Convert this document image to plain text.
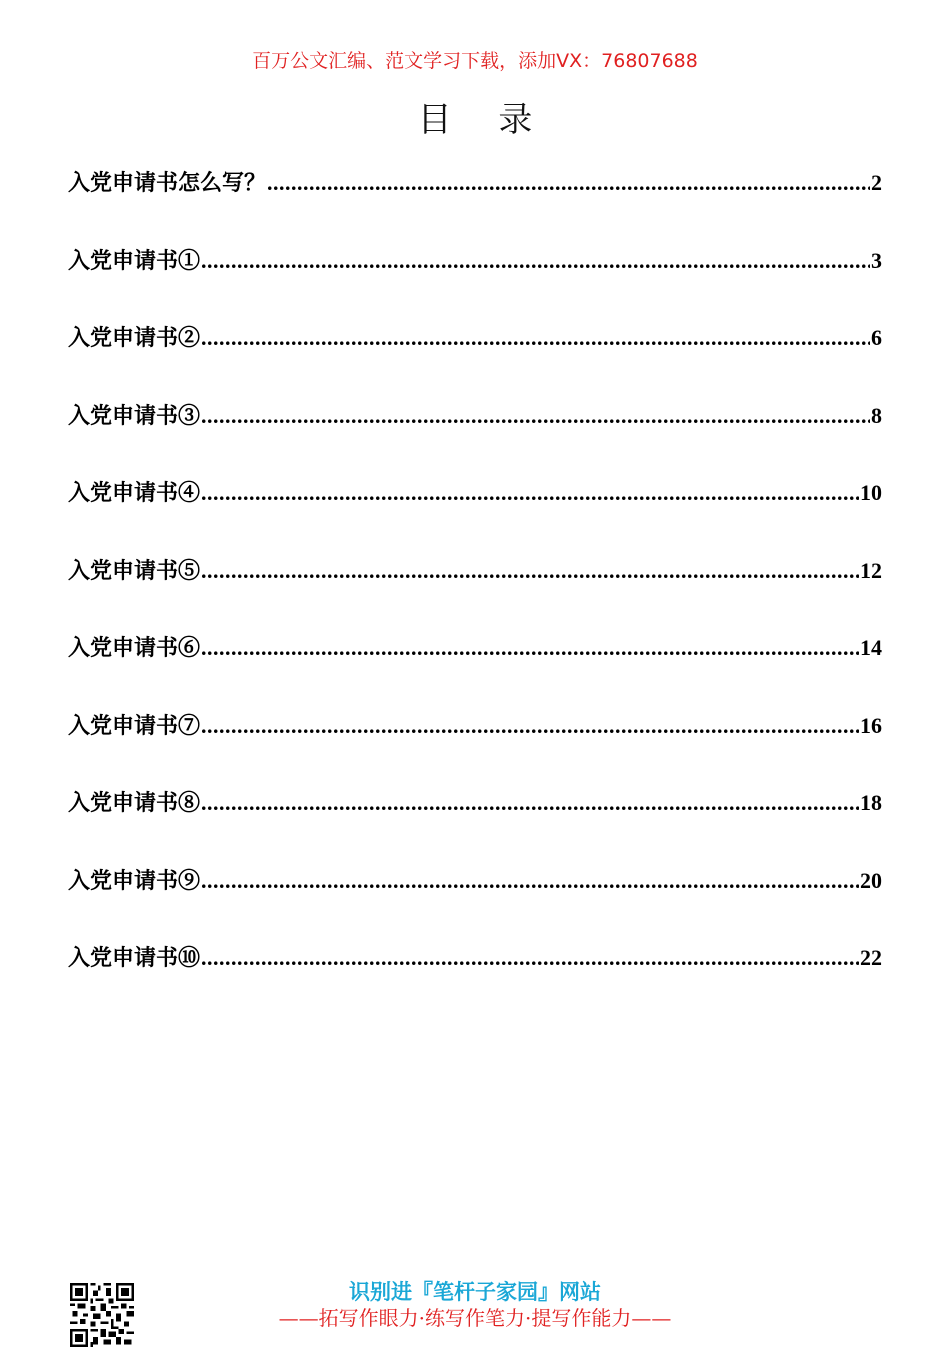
百万公文汇编、范文学习下载，添加VX：76807688
目 录
入党申请书怎么写？ .....	2
入党申请书① .....	3
入党申请书② .....	6
入党申请书③ .....	8
入党申请书④ .....	10
入党申请书⑤ .....	12
入党申请书⑥ .....	14
入党申请书⑦ .....	16
入党申请书⑧ .....	18
入党申请书⑨ .....	20
入党申请书⑩ .....	22
识别进『笔杆子家园』网站
——拓写作眼力·练写作笔力·提写作能力——
